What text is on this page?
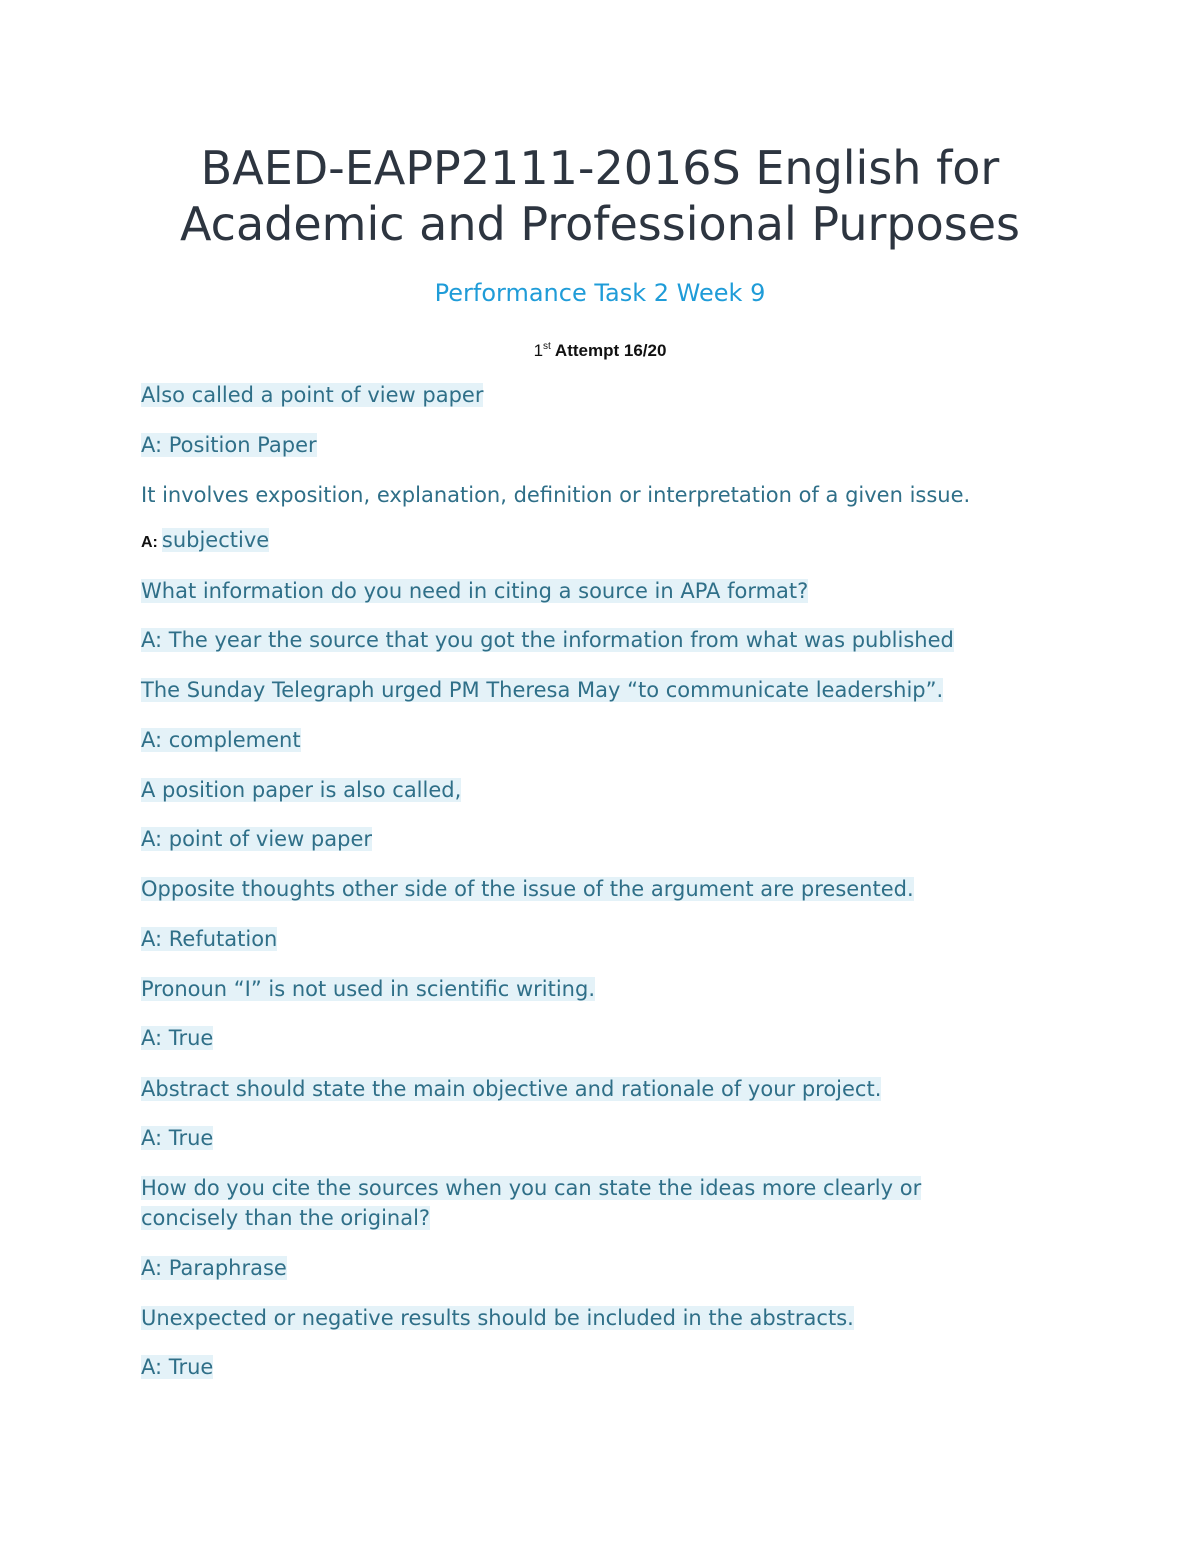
BAED-EAPP2111-2016S English for
Academic and Professional Purposes

Performance Task 2 Week 9

1st Attempt 16/20

Also called a point of view paper

A: Position Paper

It involves exposition, explanation, definition or interpretation of a given issue.

A: subjective

What information do you need in citing a source in APA format?

A: The year the source that you got the information from what was published

The Sunday Telegraph urged PM Theresa May “to communicate leadership”.

A: complement

A position paper is also called,

A: point of view paper

Opposite thoughts other side of the issue of the argument are presented.

A: Refutation

Pronoun “I” is not used in scientific writing.

A: True

Abstract should state the main objective and rationale of your project.

A: True

How do you cite the sources when you can state the ideas more clearly or concisely than the original?

A: Paraphrase

Unexpected or negative results should be included in the abstracts.

A: True
